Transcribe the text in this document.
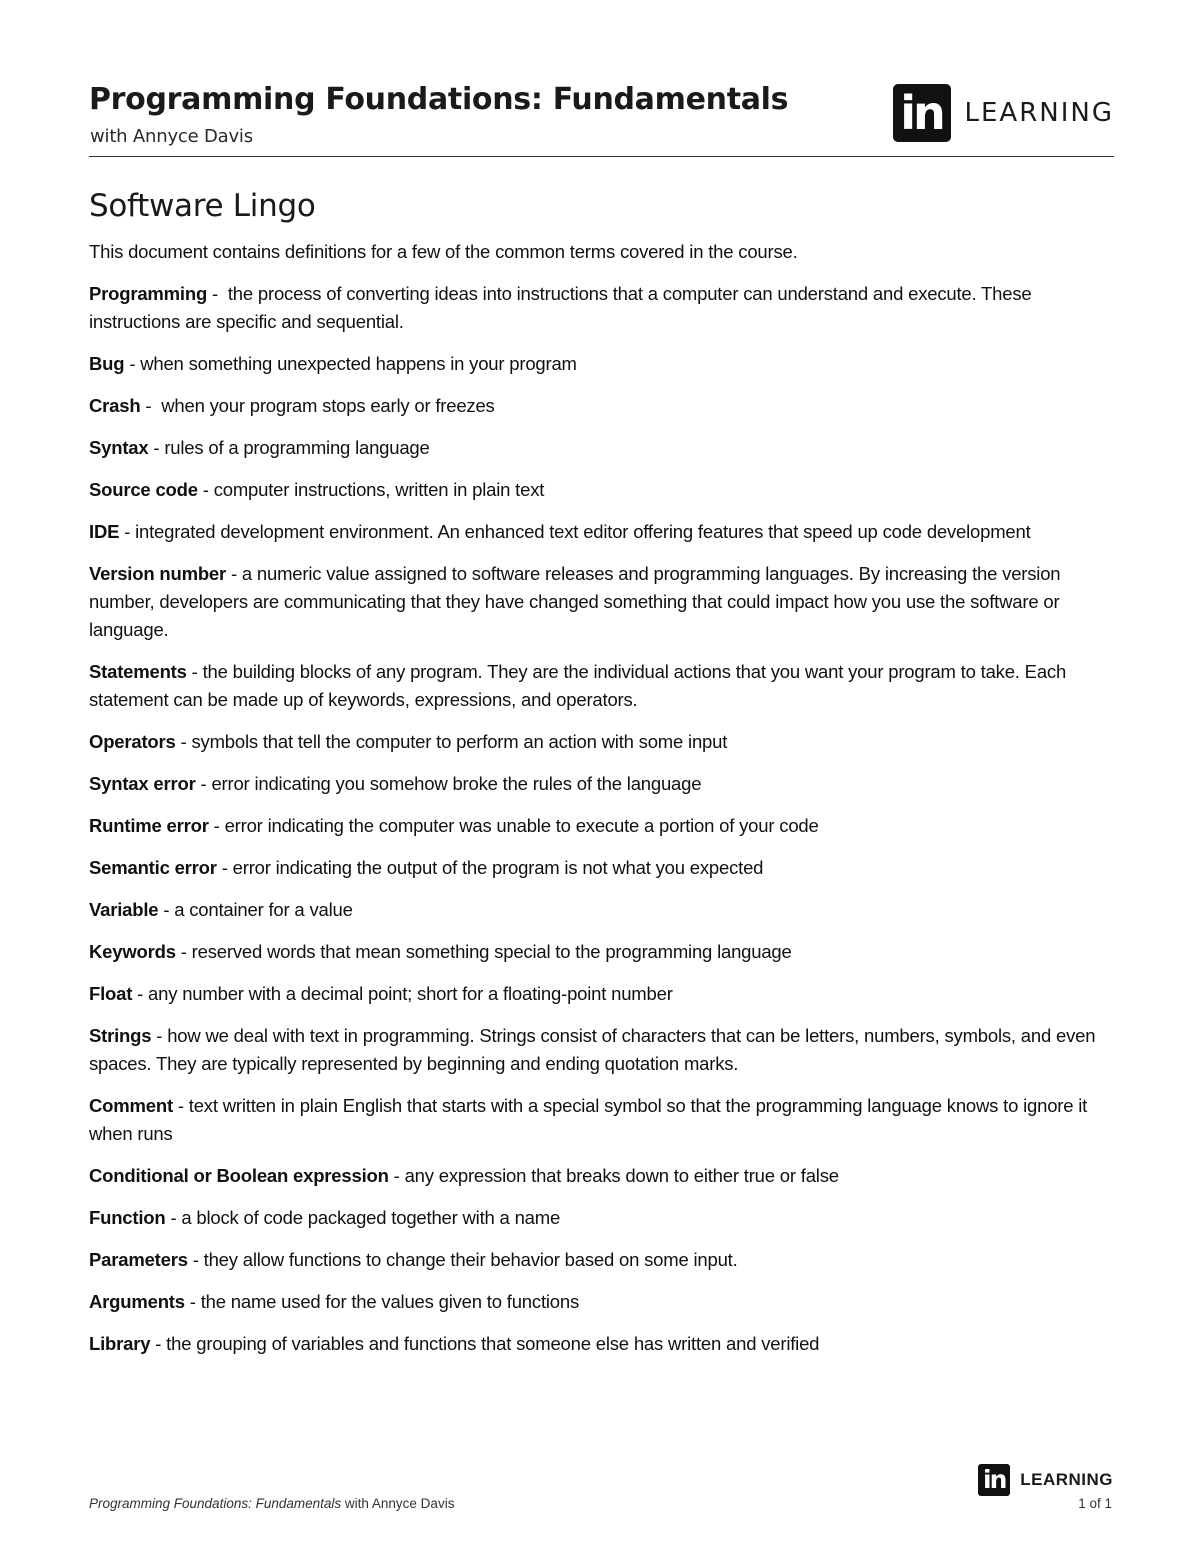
Programming Foundations: Fundamentals
with Annyce Davis	in LEARNING
Software Lingo

This document contains definitions for a few of the common terms covered in the course.

Programming -  the process of converting ideas into instructions that a computer can understand and execute. These instructions are specific and sequential.

Bug - when something unexpected happens in your program

Crash -  when your program stops early or freezes

Syntax - rules of a programming language

Source code - computer instructions, written in plain text

IDE - integrated development environment. An enhanced text editor offering features that speed up code development

Version number - a numeric value assigned to software releases and programming languages. By increasing the version number, developers are communicating that they have changed something that could impact how you use the software or language.

Statements - the building blocks of any program. They are the individual actions that you want your program to take. Each statement can be made up of keywords, expressions, and operators.

Operators - symbols that tell the computer to perform an action with some input

Syntax error - error indicating you somehow broke the rules of the language

Runtime error - error indicating the computer was unable to execute a portion of your code

Semantic error - error indicating the output of the program is not what you expected

Variable - a container for a value

Keywords - reserved words that mean something special to the programming language

Float - any number with a decimal point; short for a floating-point number

Strings - how we deal with text in programming. Strings consist of characters that can be letters, numbers, symbols, and even spaces. They are typically represented by beginning and ending quotation marks.

Comment - text written in plain English that starts with a special symbol so that the programming language knows to ignore it when runs

Conditional or Boolean expression - any expression that breaks down to either true or false

Function - a block of code packaged together with a name

Parameters - they allow functions to change their behavior based on some input.

Arguments - the name used for the values given to functions

Library - the grouping of variables and functions that someone else has written and verified

in LEARNING
Programming Foundations: Fundamentals with Annyce Davis	1 of 1
